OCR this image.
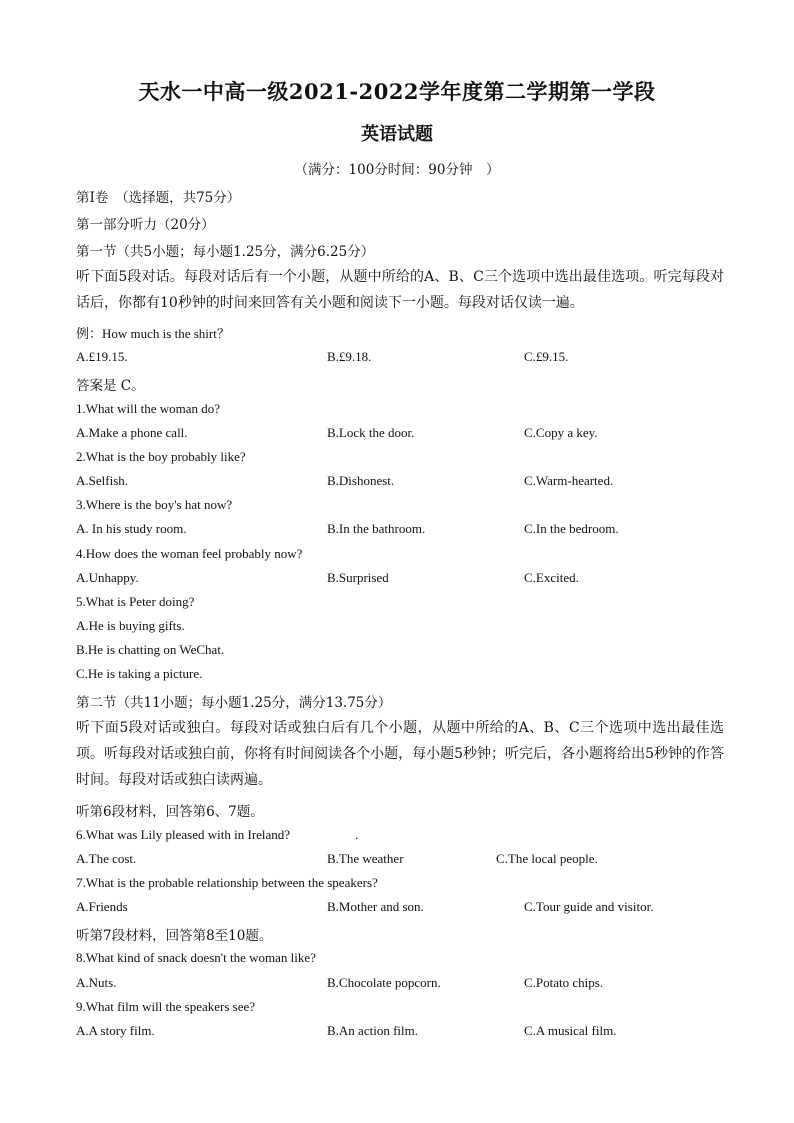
天水一中高一级2021-2022学年度第二学期第一学段
英语试题
（满分：100分时间：90分钟　）
第Ⅰ卷　（选择题，共75分）
第一部分听力（20分）
第一节（共5小题；每小题1.25分，满分6.25分）
听下面5段对话。每段对话后有一个小题，从题中所给的A、B、C三个选项中选出最佳选项。听完每段对话后，你都有10秒钟的时间来回答有关小题和阅读下一小题。每段对话仅读一遍。
例：How much is the shirt？
A.£19.15.	B.£9.18.	C.£9.15.
答案是 C。
1.What will the woman do?
A.Make a phone call.	B.Lock the door.	C.Copy a key.
2.What is the boy probably like?
A.Selfish.	B.Dishonest.	C.Warm-hearted.
3.Where is the boy's hat now?
A. In his study room.	B.In the bathroom.	C.In the bedroom.
4.How does the woman feel probably now?
A.Unhappy.	B.Surprised	C.Excited.
5.What is Peter doing?
A.He is buying gifts.
B.He is chatting on WeChat.
C.He is taking a picture.
第二节（共11小题；每小题1.25分，满分13.75分）
听下面5段对话或独白。每段对话或独白后有几个小题，从题中所给的A、B、C三个选项中选出最佳选项。听每段对话或独白前，你将有时间阅读各个小题，每小题5秒钟；听完后，各小题将给出5秒钟的作答时间。每段对话或独白读两遍。
听第6段材料，回答第6、7题。
6.What was Lily pleased with in Ireland?	.
A.The cost.	B.The weather	C.The local people.
7.What is the probable relationship between the speakers?
A.Friends	B.Mother and son.	C.Tour guide and visitor.
听第7段材料，回答第8至10题。
8.What kind of snack doesn't the woman like?
A.Nuts.	B.Chocolate popcorn.	C.Potato chips.
9.What film will the speakers see?
A.A story film.	B.An action film.	C.A musical film.
